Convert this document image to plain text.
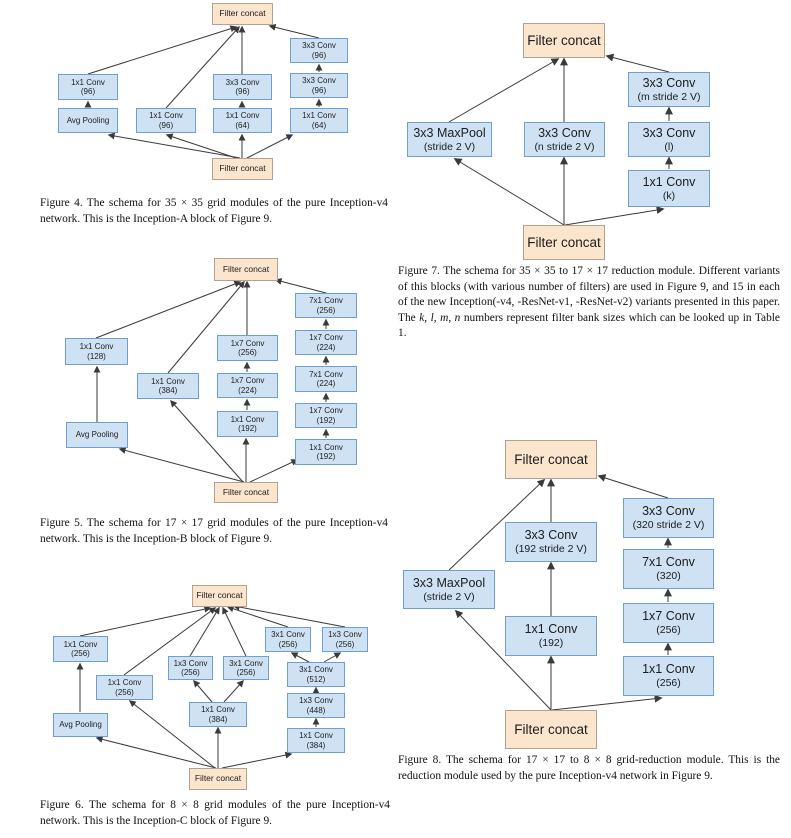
Filter concat
1x1 Conv
(96)
Avg Pooling
1x1 Conv
(96)
3x3 Conv
(96)
1x1 Conv
(64)
3x3 Conv
(96)
3x3 Conv
(96)
1x1 Conv
(64)
Filter concat

Figure 4. The schema for 35 × 35 grid modules of the pure Inception-v4 network. This is the Inception-A block of Figure 9.

Filter concat
1x1 Conv
(128)
Avg Pooling
1x1 Conv
(384)
1x7 Conv
(256)
1x7 Conv
(224)
1x1 Conv
(192)
7x1 Conv
(256)
1x7 Conv
(224)
7x1 Conv
(224)
1x7 Conv
(192)
1x1 Conv
(192)
Filter concat

Figure 5. The schema for 17 × 17 grid modules of the pure Inception-v4 network. This is the Inception-B block of Figure 9.

Filter concat
1x1 Conv
(256)
Avg Pooling
1x1 Conv
(256)
1x3 Conv
(256)
3x1 Conv
(256)
1x1 Conv
(384)
3x1 Conv
(256)
1x3 Conv
(256)
3x1 Conv
(512)
1x3 Conv
(448)
1x1 Conv
(384)
Filter concat

Figure 6. The schema for 8 × 8 grid modules of the pure Inception-v4 network. This is the Inception-C block of Figure 9.

Filter concat
3x3 MaxPool
(stride 2 V)
3x3 Conv
(n stride 2 V)
3x3 Conv
(m stride 2 V)
3x3 Conv
(l)
1x1 Conv
(k)
Filter concat

Figure 7. The schema for 35 × 35 to 17 × 17 reduction module. Different variants of this blocks (with various number of filters) are used in Figure 9, and 15 in each of the new Inception(-v4, -ResNet-v1, -ResNet-v2) variants presented in this paper. The k, l, m, n numbers represent filter bank sizes which can be looked up in Table 1.

Filter concat
3x3 MaxPool
(stride 2 V)
3x3 Conv
(192 stride 2 V)
1x1 Conv
(192)
3x3 Conv
(320 stride 2 V)
7x1 Conv
(320)
1x7 Conv
(256)
1x1 Conv
(256)
Filter concat

Figure 8. The schema for 17 × 17 to 8 × 8 grid-reduction module. This is the reduction module used by the pure Inception-v4 network in Figure 9.
